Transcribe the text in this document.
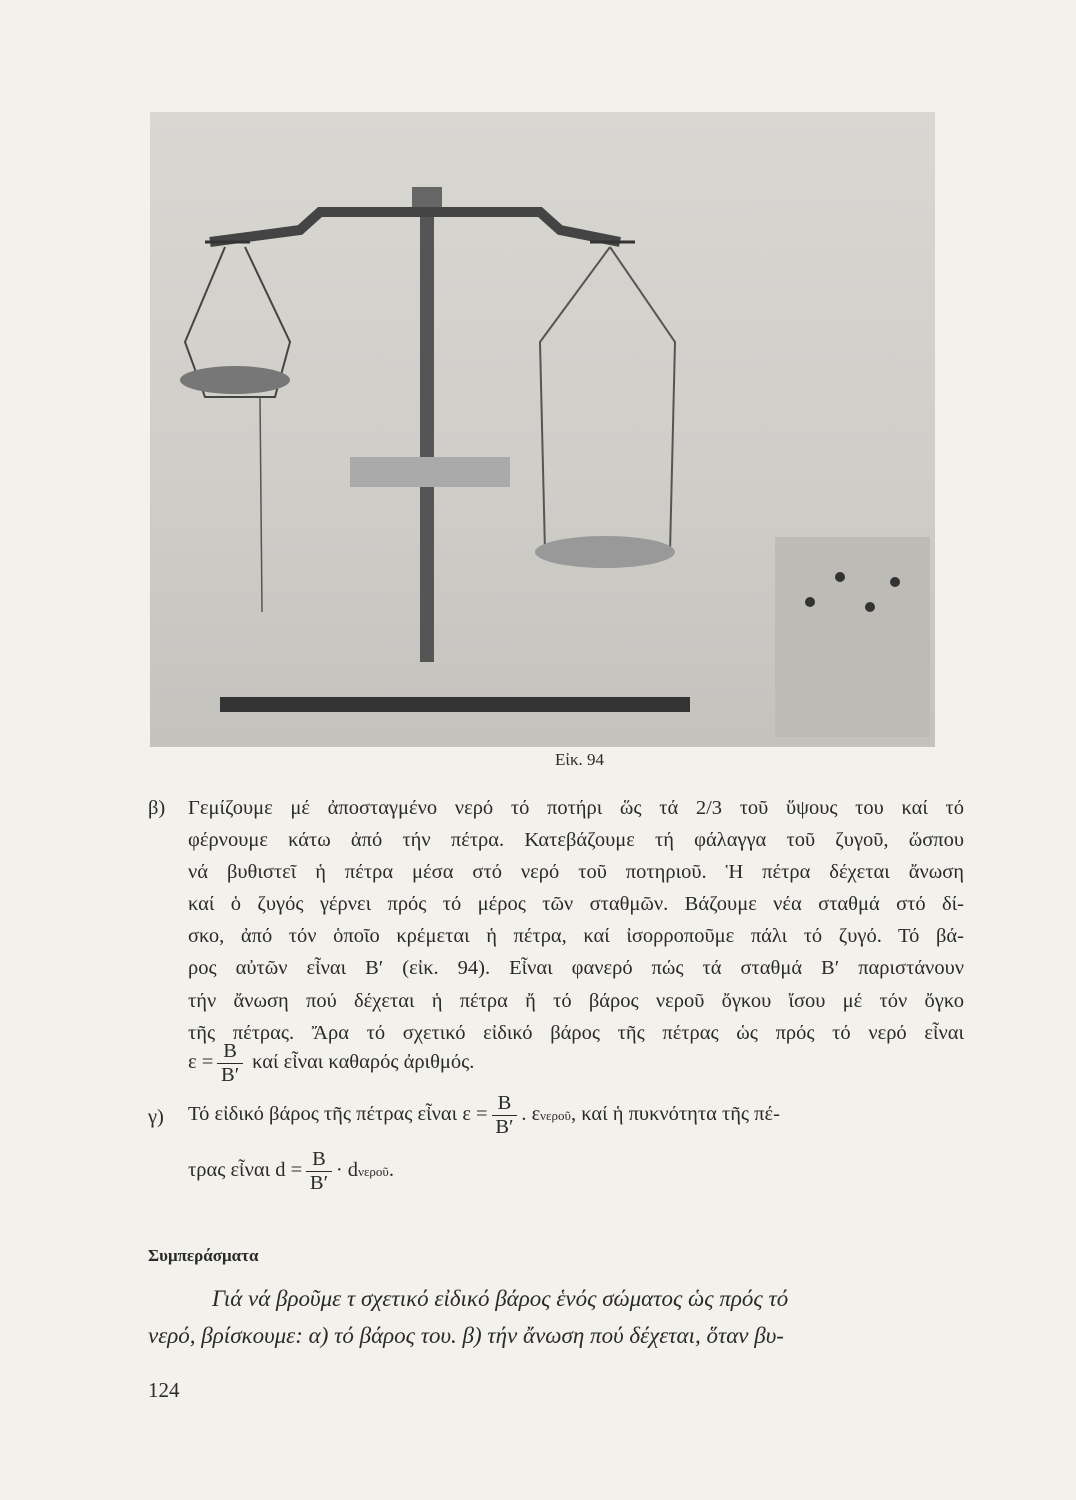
Εἰκ. 94
β) Γεμίζουμε μέ ἀποσταγμένο νερό τό ποτήρι ὥς τά 2/3 τοῦ ὕψους του καί τό
φέρνουμε κάτω ἀπό τήν πέτρα. Κατεβάζουμε τή φάλαγγα τοῦ ζυγοῦ, ὥσπου
νά βυθιστεῖ ἡ πέτρα μέσα στό νερό τοῦ ποτηριοῦ. Ἡ πέτρα δέχεται ἄνωση
καί ὁ ζυγός γέρνει πρός τό μέρος τῶν σταθμῶν. Βάζουμε νέα σταθμά στό δί-
σκο, ἀπό τόν ὁποῖο κρέμεται ἡ πέτρα, καί ἰσορροποῦμε πάλι τό ζυγό. Τό βά-
ρος αὐτῶν εἶναι Β′ (εἰκ. 94). Εἶναι φανερό πώς τά σταθμά Β′ παριστάνουν
τήν ἄνωση πού δέχεται ἡ πέτρα ἤ τό βάρος νεροῦ ὄγκου ἴσου μέ τόν ὄγκο
τῆς πέτρας. Ἄρα τό σχετικό εἰδικό βάρος τῆς πέτρας ὡς πρός τό νερό εἶναι
$\varepsilon = \frac{B}{B'}$ καί εἶναι καθαρός ἀριθμός.
γ) Τό εἰδικό βάρος τῆς πέτρας εἶναι $\varepsilon = \frac{B}{B'}$ . ενεροῦ, καί ἡ πυκνότητα τῆς πέ-
τρας εἶναι $d = \frac{B}{B'}$ · dνεροῦ.
Συμπεράσματα
Γιά νά βροῦμε τ σχετικό εἰδικό βάρος ἑνός σώματος ὡς πρός τό
νερό, βρίσκουμε: α) τό βάρος του. β) τήν ἄνωση πού δέχεται, ὅταν βυ-
124
